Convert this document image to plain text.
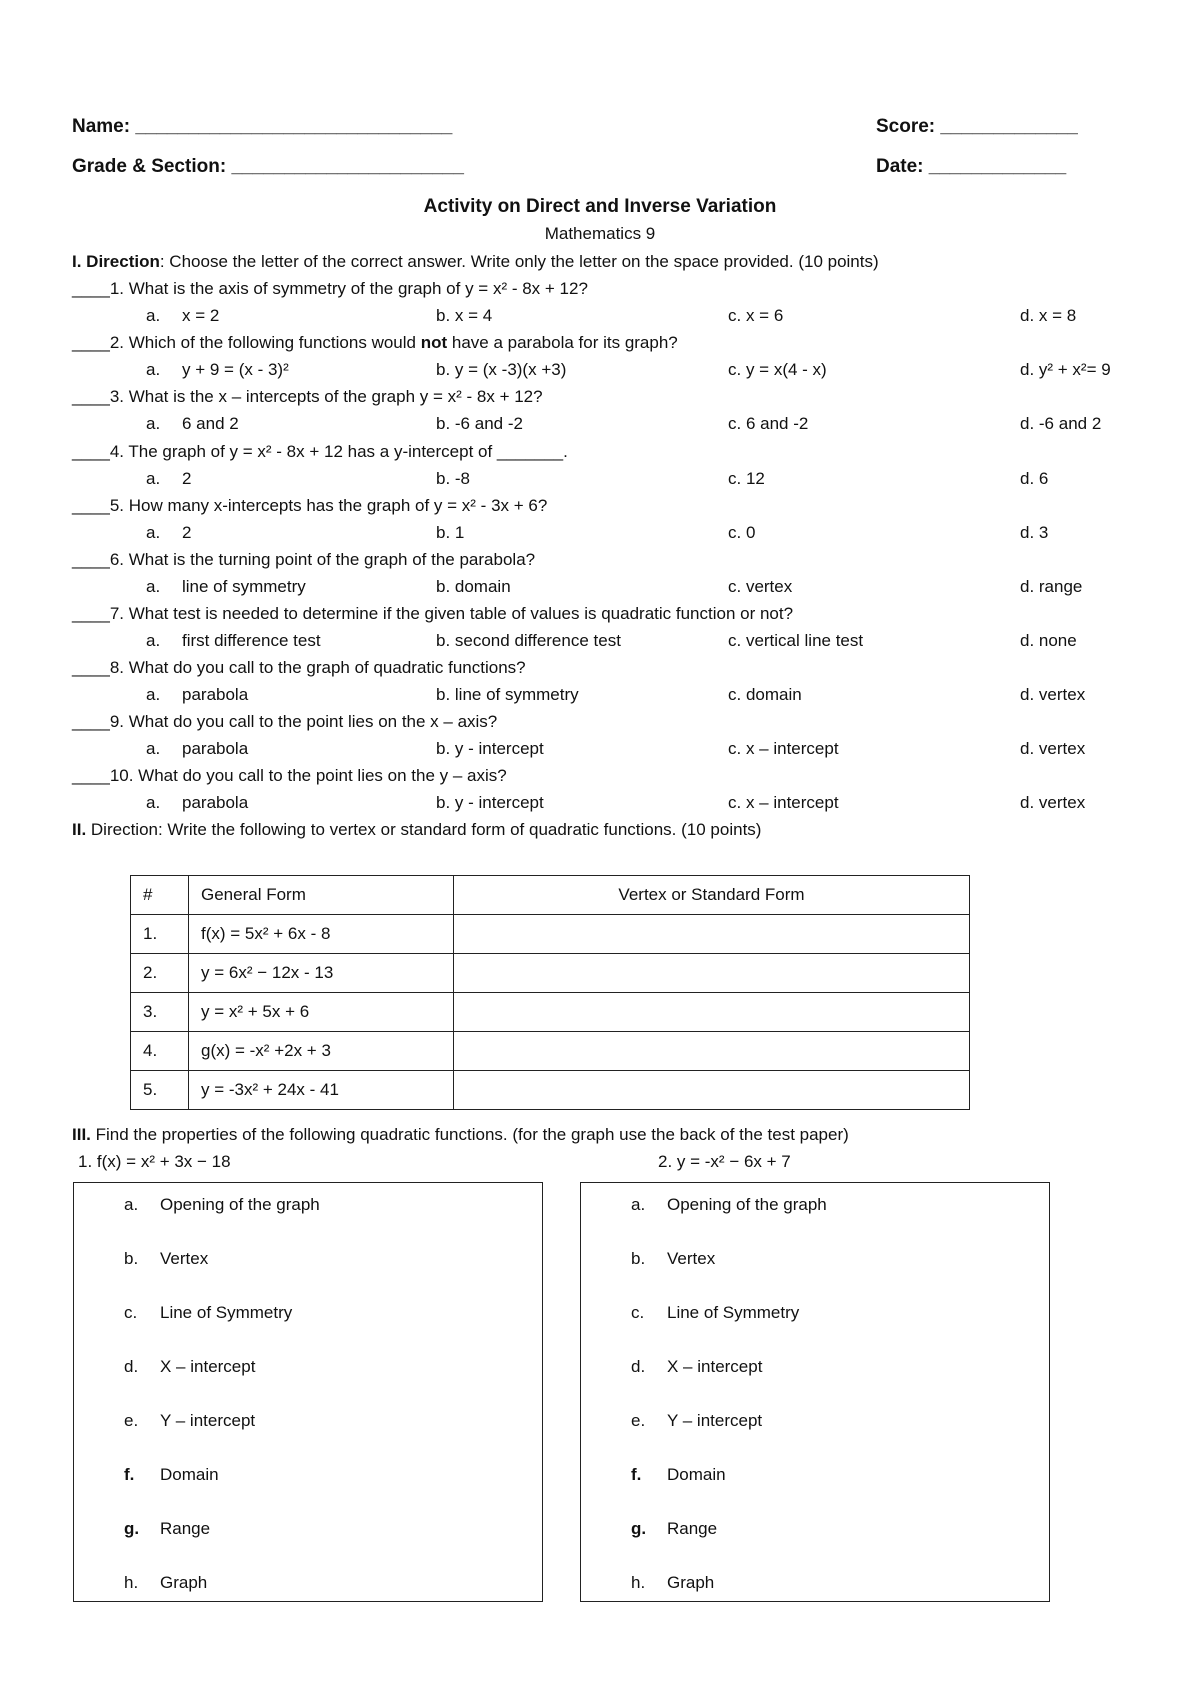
Name: ______________________________	Score: _____________
Grade & Section: ______________________	Date: _____________
Activity on Direct and Inverse Variation
Mathematics 9
I. Direction: Choose the letter of the correct answer. Write only the letter on the space provided. (10 points)
____1. What is the axis of symmetry of the graph of y = x² - 8x + 12?
a. x = 2	b. x = 4	c. x = 6	d. x = 8
____2. Which of the following functions would not have a parabola for its graph?
a. y + 9 = (x - 3)²	b. y = (x -3)(x +3)	c. y = x(4 - x)	d. y² + x²= 9
____3. What is the x – intercepts of the graph y = x² - 8x + 12?
a. 6 and 2	b. -6 and -2	c. 6 and -2	d. -6 and 2
____4. The graph of y = x² - 8x + 12 has a y-intercept of _______.
a. 2	b. -8	c. 12	d. 6
____5. How many x-intercepts has the graph of y = x² - 3x + 6?
a. 2	b. 1	c. 0	d. 3
____6. What is the turning point of the graph of the parabola?
a. line of symmetry	b. domain	c. vertex	d. range
____7. What test is needed to determine if the given table of values is quadratic function or not?
a. first difference test	b. second difference test	c. vertical line test	d. none
____8. What do you call to the graph of quadratic functions?
a. parabola	b. line of symmetry	c. domain	d. vertex
____9. What do you call to the point lies on the x – axis?
a. parabola	b. y - intercept	c. x – intercept	d. vertex
____10. What do you call to the point lies on the y – axis?
a. parabola	b. y - intercept	c. x – intercept	d. vertex
II. Direction: Write the following to vertex or standard form of quadratic functions. (10 points)
#	General Form	Vertex or Standard Form
1.	f(x) = 5x² + 6x - 8	
2.	y = 6x² − 12x - 13	
3.	y = x² + 5x + 6	
4.	g(x) = -x² +2x + 3	
5.	y = -3x² + 24x - 41	
III. Find the properties of the following quadratic functions. (for the graph use the back of the test paper)
1. f(x) = x² + 3x − 18	2. y = -x² − 6x + 7
a. Opening of the graph
b. Vertex
c. Line of Symmetry
d. X – intercept
e. Y – intercept
f. Domain
g. Range
h. Graph
a. Opening of the graph
b. Vertex
c. Line of Symmetry
d. X – intercept
e. Y – intercept
f. Domain
g. Range
h. Graph
